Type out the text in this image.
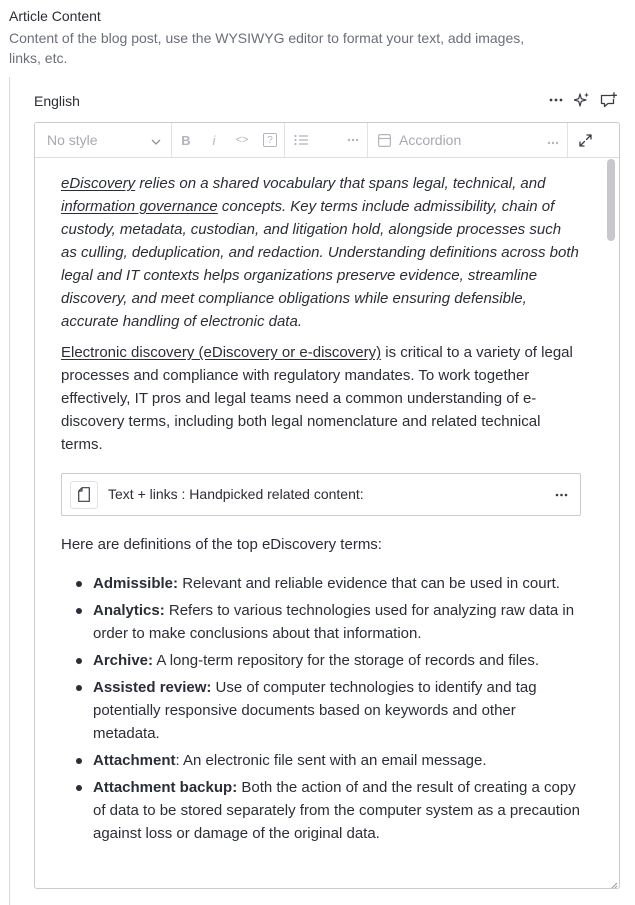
Article Content
Content of the blog post, use the WYSIWYG editor to format your text, add images, links, etc.
English
No style	B	i	<>	?	Accordion

eDiscovery relies on a shared vocabulary that spans legal, technical, and information governance concepts. Key terms include admissibility, chain of custody, metadata, custodian, and litigation hold, alongside processes such as culling, deduplication, and redaction. Understanding definitions across both legal and IT contexts helps organizations preserve evidence, streamline discovery, and meet compliance obligations while ensuring defensible, accurate handling of electronic data.

Electronic discovery (eDiscovery or e-discovery) is critical to a variety of legal processes and compliance with regulatory mandates. To work together effectively, IT pros and legal teams need a common understanding of e-discovery terms, including both legal nomenclature and related technical terms.

Text + links : Handpicked related content:

Here are definitions of the top eDiscovery terms:

Admissible: Relevant and reliable evidence that can be used in court.
Analytics: Refers to various technologies used for analyzing raw data in order to make conclusions about that information.
Archive: A long-term repository for the storage of records and files.
Assisted review: Use of computer technologies to identify and tag potentially responsive documents based on keywords and other metadata.
Attachment: An electronic file sent with an email message.
Attachment backup: Both the action of and the result of creating a copy of data to be stored separately from the computer system as a precaution against loss or damage of the original data.
